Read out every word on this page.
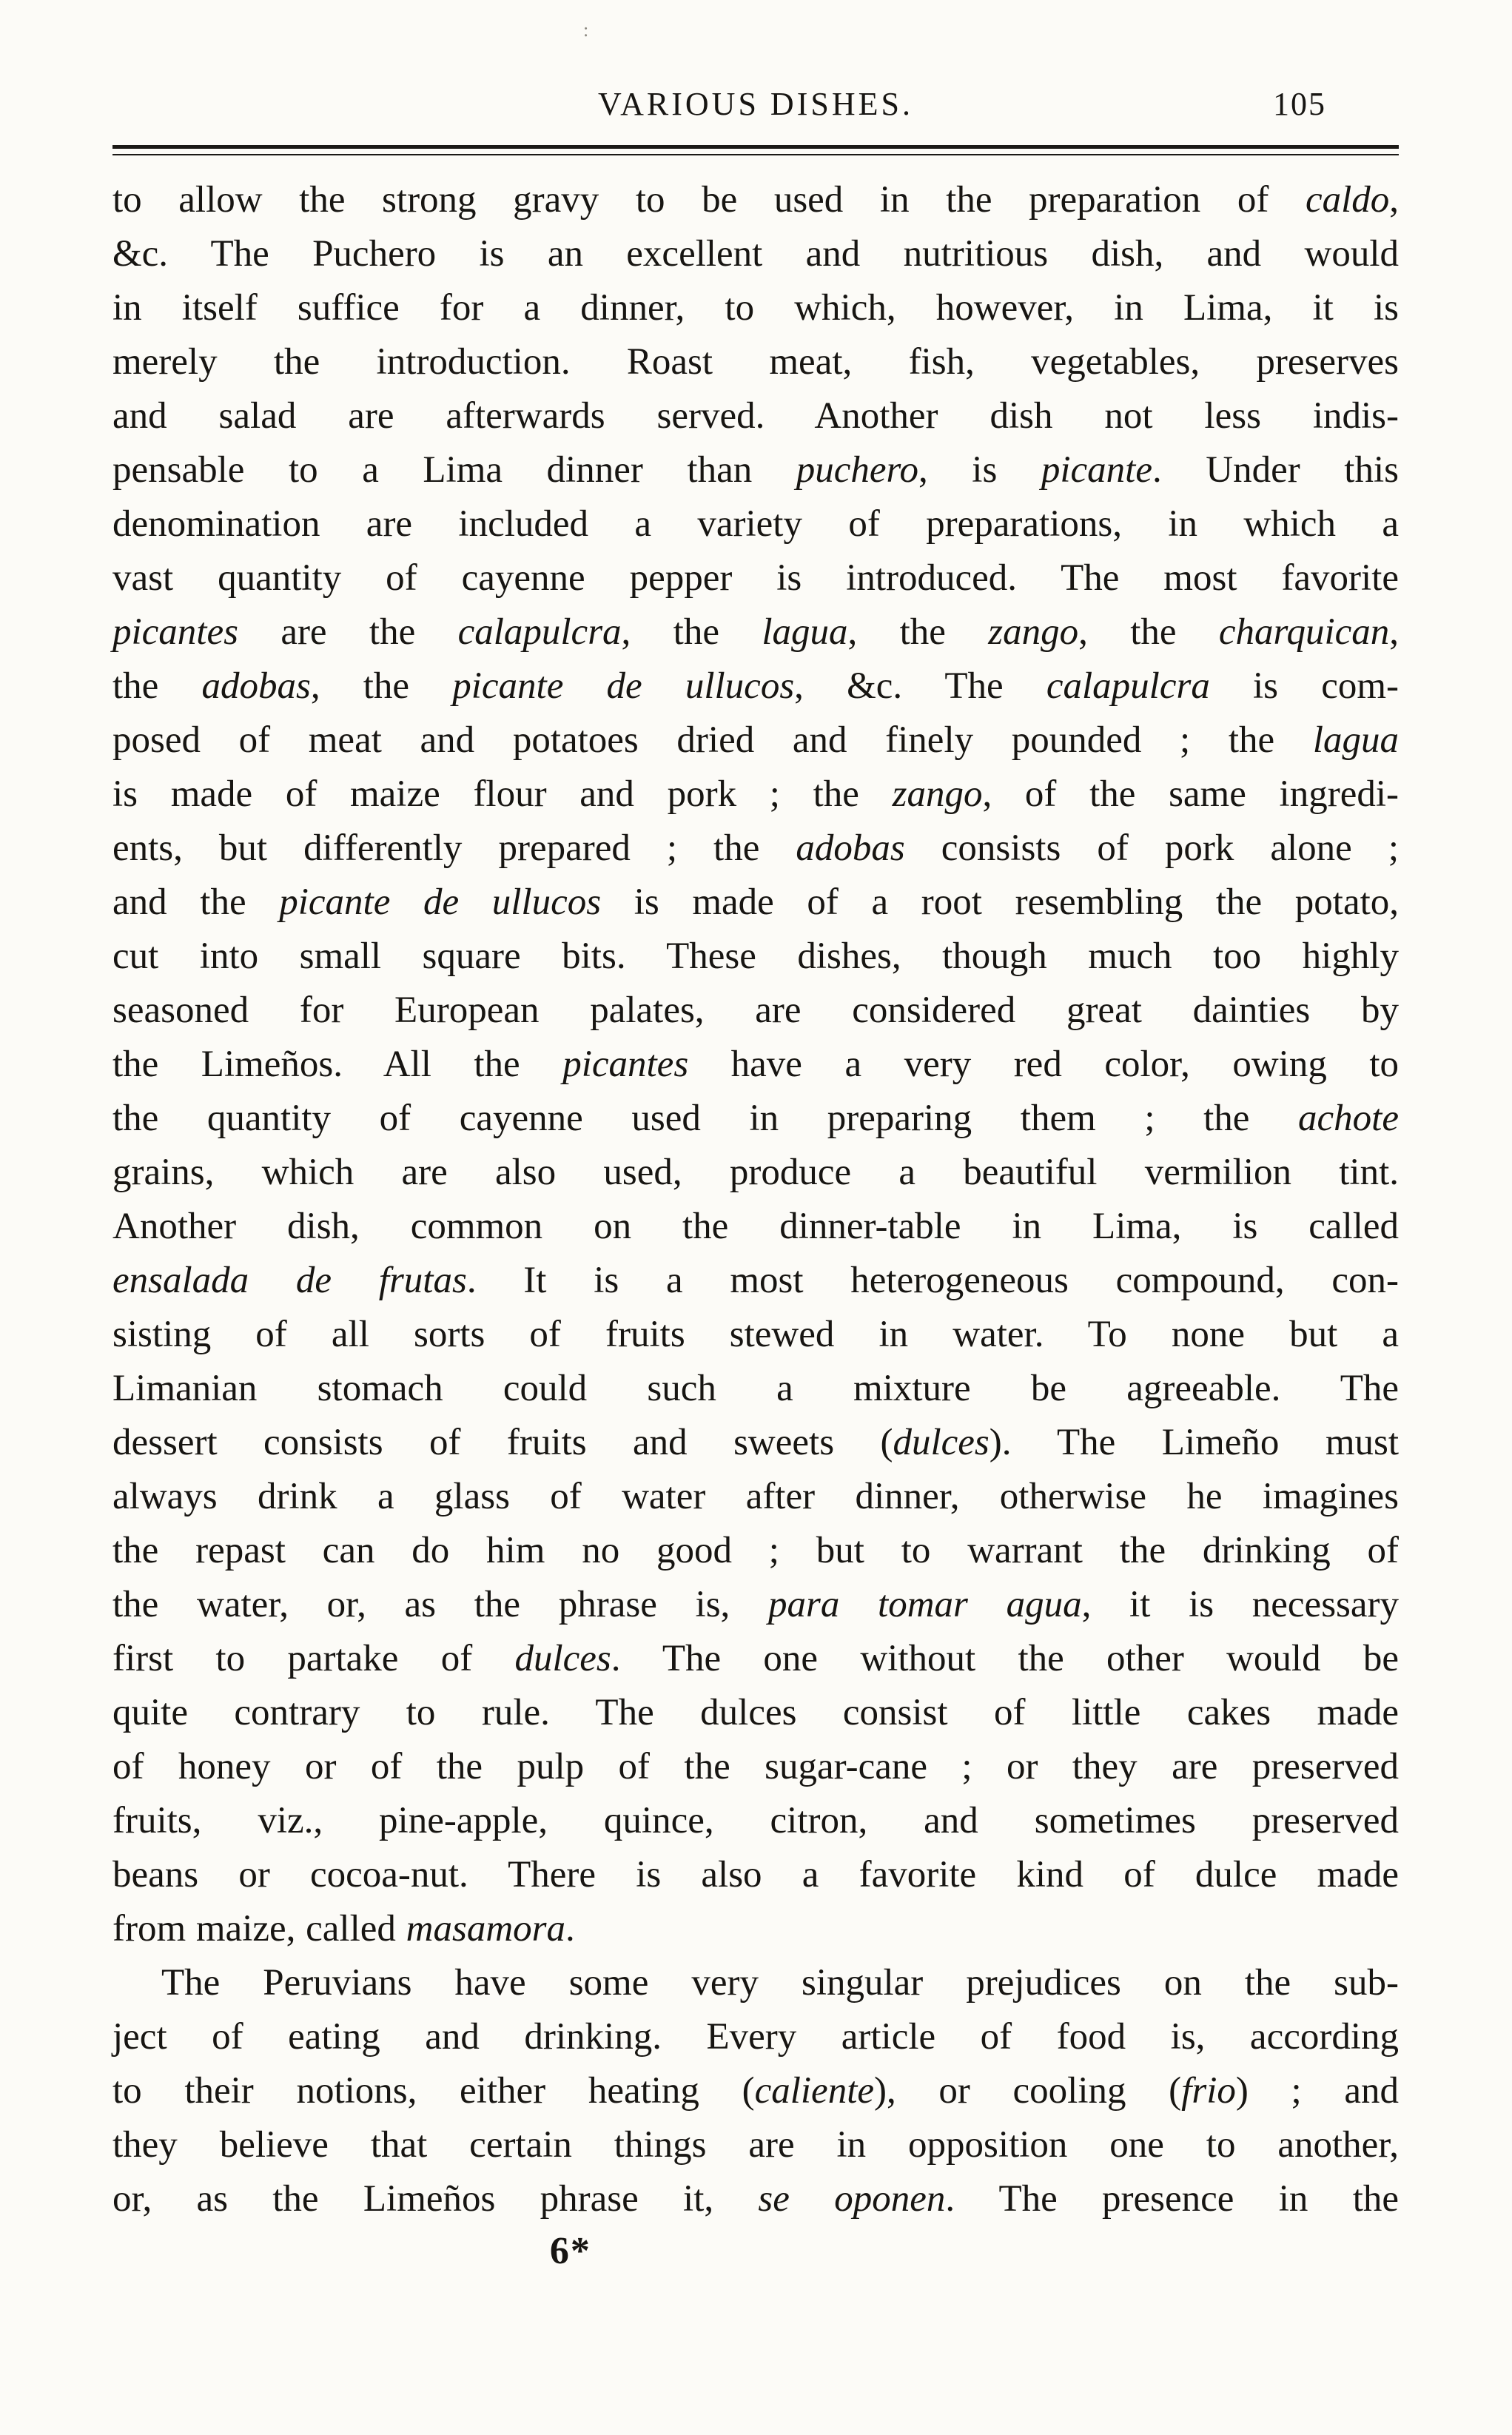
:
VARIOUS DISHES.	105
to allow the strong gravy to be used in the preparation of caldo,
&c. The Puchero is an excellent and nutritious dish, and would
in itself suffice for a dinner, to which, however, in Lima, it is
merely the introduction. Roast meat, fish, vegetables, preserves
and salad are afterwards served. Another dish not less indis-
pensable to a Lima dinner than puchero, is picante. Under this
denomination are included a variety of preparations, in which a
vast quantity of cayenne pepper is introduced. The most favorite
picantes are the calapulcra, the lagua, the zango, the charquican,
the adobas, the picante de ullucos, &c. The calapulcra is com-
posed of meat and potatoes dried and finely pounded ; the lagua
is made of maize flour and pork ; the zango, of the same ingredi-
ents, but differently prepared ; the adobas consists of pork alone ;
and the picante de ullucos is made of a root resembling the potato,
cut into small square bits. These dishes, though much too highly
seasoned for European palates, are considered great dainties by
the Limeños. All the picantes have a very red color, owing to
the quantity of cayenne used in preparing them ; the achote
grains, which are also used, produce a beautiful vermilion tint.
Another dish, common on the dinner-table in Lima, is called
ensalada de frutas. It is a most heterogeneous compound, con-
sisting of all sorts of fruits stewed in water. To none but a
Limanian stomach could such a mixture be agreeable. The
dessert consists of fruits and sweets (dulces). The Limeño must
always drink a glass of water after dinner, otherwise he imagines
the repast can do him no good ; but to warrant the drinking of
the water, or, as the phrase is, para tomar agua, it is necessary
first to partake of dulces. The one without the other would be
quite contrary to rule. The dulces consist of little cakes made
of honey or of the pulp of the sugar-cane ; or they are preserved
fruits, viz., pine-apple, quince, citron, and sometimes preserved
beans or cocoa-nut. There is also a favorite kind of dulce made
from maize, called masamora.
The Peruvians have some very singular prejudices on the sub-
ject of eating and drinking. Every article of food is, according
to their notions, either heating (caliente), or cooling (frio) ; and
they believe that certain things are in opposition one to another,
or, as the Limeños phrase it, se oponen. The presence in the
6*
